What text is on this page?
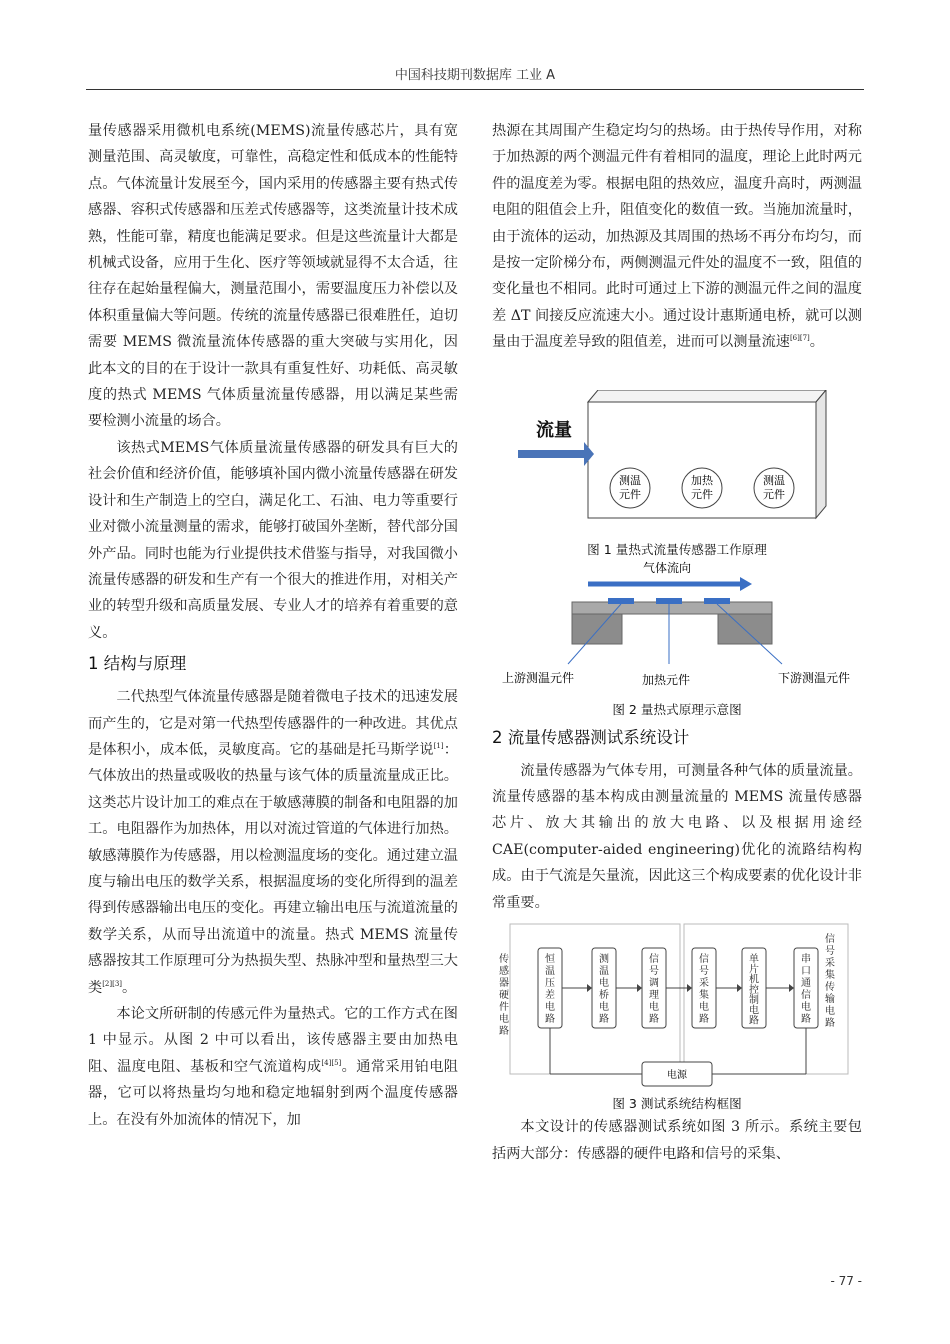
中国科技期刊数据库 工业 A

量传感器采用微机电系统(MEMS)流量传感芯片，具有宽测量范围、高灵敏度，可靠性，高稳定性和低成本的性能特点。气体流量计发展至今，国内采用的传感器主要有热式传感器、容积式传感器和压差式传感器等，这类流量计技术成熟，性能可靠，精度也能满足要求。但是这些流量计大都是机械式设备，应用于生化、医疗等领域就显得不太合适，往往存在起始量程偏大，测量范围小，需要温度压力补偿以及体积重量偏大等问题。传统的流量传感器已很难胜任，迫切需要 MEMS 微流量流体传感器的重大突破与实用化，因此本文的目的在于设计一款具有重复性好、功耗低、高灵敏度的热式 MEMS 气体质量流量传感器，用以满足某些需要检测小流量的场合。

该热式MEMS气体质量流量传感器的研发具有巨大的社会价值和经济价值，能够填补国内微小流量传感器在研发设计和生产制造上的空白，满足化工、石油、电力等重要行业对微小流量测量的需求，能够打破国外垄断，替代部分国外产品。同时也能为行业提供技术借鉴与指导，对我国微小流量传感器的研发和生产有一个很大的推进作用，对相关产业的转型升级和高质量发展、专业人才的培养有着重要的意义。

1 结构与原理

二代热型气体流量传感器是随着微电子技术的迅速发展而产生的，它是对第一代热型传感器件的一种改进。其优点是体积小，成本低，灵敏度高。它的基础是托马斯学说[1]：气体放出的热量或吸收的热量与该气体的质量流量成正比。这类芯片设计加工的难点在于敏感薄膜的制备和电阻器的加工。电阻器作为加热体，用以对流过管道的气体进行加热。敏感薄膜作为传感器，用以检测温度场的变化。通过建立温度与输出电压的数学关系，根据温度场的变化所得到的温差得到传感器输出电压的变化。再建立输出电压与流道流量的数学关系，从而导出流道中的流量。热式 MEMS 流量传感器按其工作原理可分为热损失型、热脉冲型和量热型三大类[2][3]。

本论文所研制的传感元件为量热式。它的工作方式在图 1 中显示。从图 2 中可以看出，该传感器主要由加热电阻、温度电阻、基板和空气流道构成[4][5]。通常采用铂电阻器，它可以将热量均匀地和稳定地辐射到两个温度传感器上。在没有外加流体的情况下，加

热源在其周围产生稳定均匀的热场。由于热传导作用，对称于加热源的两个测温元件有着相同的温度，理论上此时两元件的温度差为零。根据电阻的热效应，温度升高时，两测温电阻的阻值会上升，阻值变化的数值一致。当施加流量时，由于流体的运动，加热源及其周围的热场不再分布均匀，而是按一定阶梯分布，两侧测温元件处的温度不一致，阻值的变化量也不相同。此时可通过上下游的测温元件之间的温度差 ΔT 间接反应流速大小。通过设计惠斯通电桥，就可以测量由于温度差导致的阻值差，进而可以测量流速[6][7]。

流量
测温
元件
加热
元件
测温
元件
图 1 量热式流量传感器工作原理
气体流向
上游测温元件	加热元件	下游测温元件
图 2 量热式原理示意图
2 流量传感器测试系统设计

流量传感器为气体专用，可测量各种气体的质量流量。流量传感器的基本构成由测量流量的 MEMS 流量传感器芯片、放大其输出的放大电路、以及根据用途经 CAE(computer-aided engineering)优化的流路结构构成。由于气流是矢量流，因此这三个构成要素的优化设计非常重要。

恒温压差电路
测温电桥电路
信号调理电路
信号采集电路
单片机控制电路
串口通信电路
电源
传感器硬件电路
信号采集传输电路
图 3 测试系统结构框图

本文设计的传感器测试系统如图 3 所示。系统主要包括两大部分：传感器的硬件电路和信号的采集、

- 77 -
